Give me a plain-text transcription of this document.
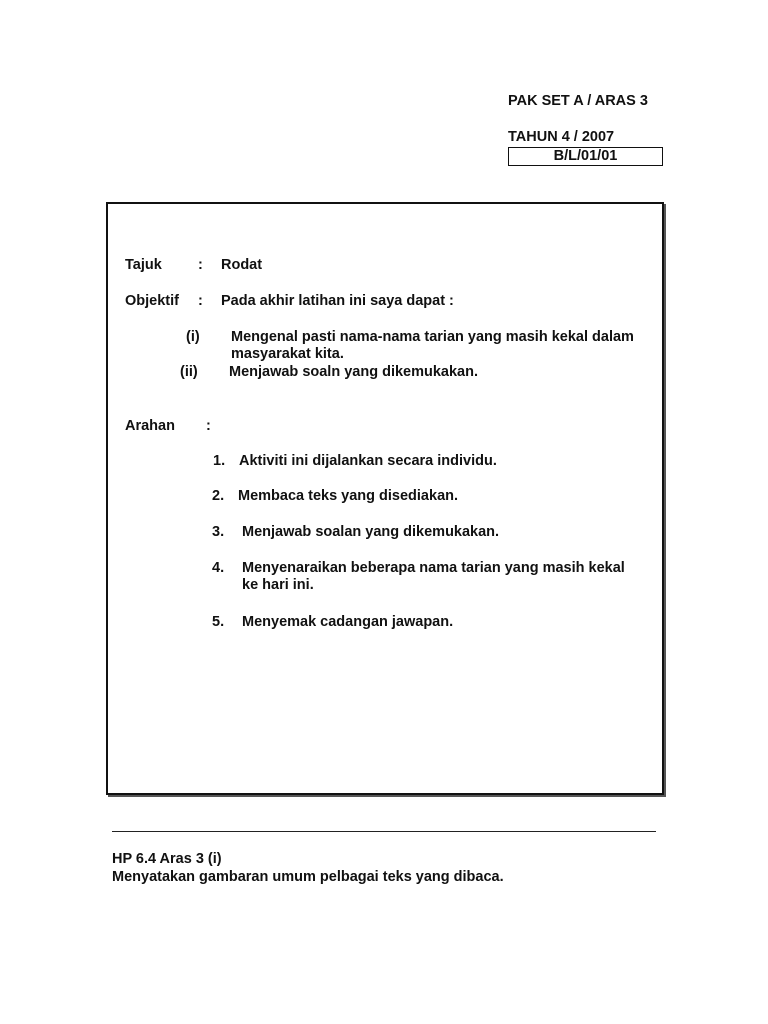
PAK SET A / ARAS 3
TAHUN 4 / 2007
B/L/01/01
Tajuk : Rodat
Objektif : Pada akhir latihan ini saya dapat :
(i) Mengenal pasti nama-nama tarian yang masih kekal dalam
masyarakat kita.
(ii) Menjawab soaln yang dikemukakan.
Arahan :
1. Aktiviti ini dijalankan secara individu.
2. Membaca teks yang disediakan.
3. Menjawab soalan yang dikemukakan.
4. Menyenaraikan beberapa nama tarian yang masih kekal
ke hari ini.
5. Menyemak cadangan jawapan.
HP 6.4 Aras 3 (i)
Menyatakan gambaran umum pelbagai teks yang dibaca.
